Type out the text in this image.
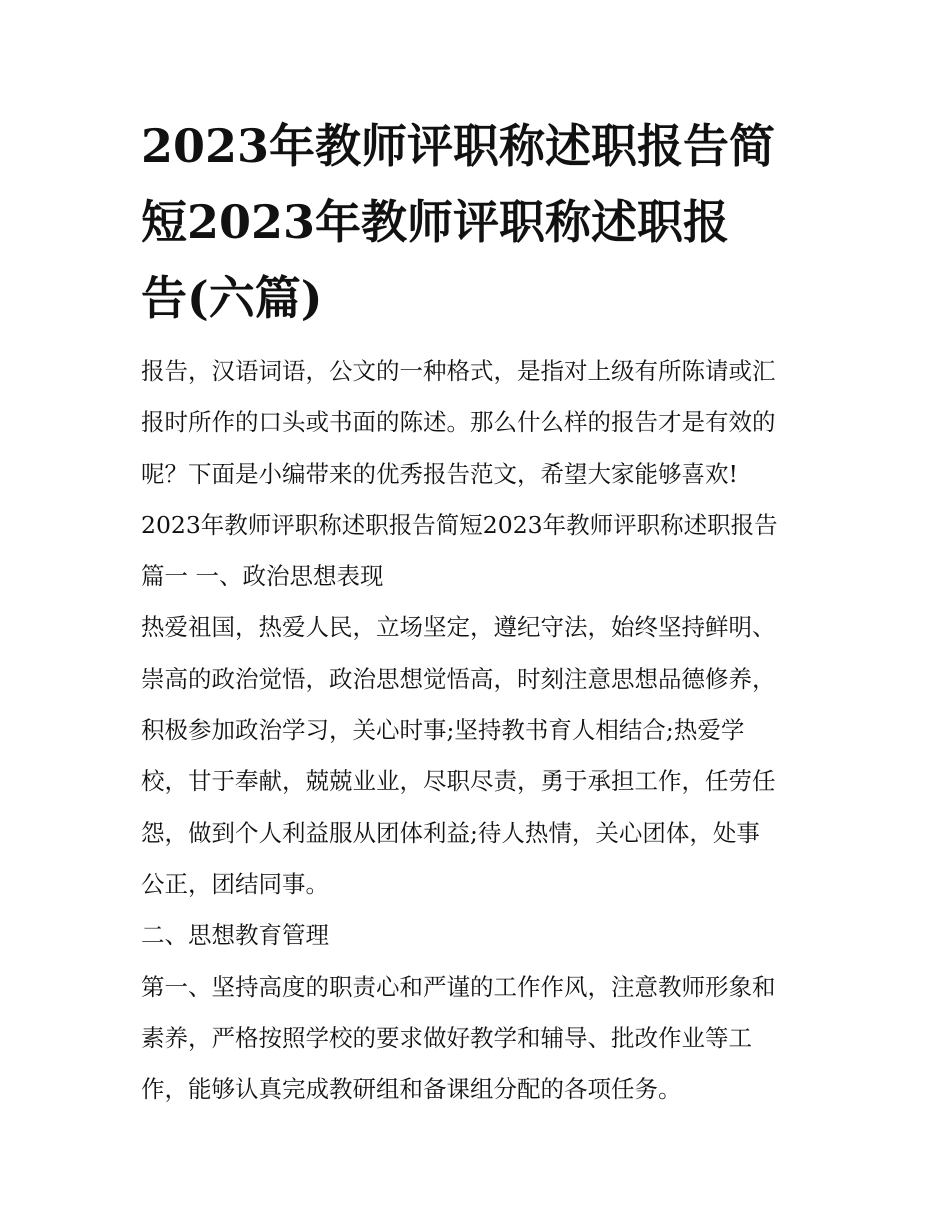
2023年教师评职称述职报告简
短2023年教师评职称述职报
告(六篇)
报告，汉语词语，公文的一种格式，是指对上级有所陈请或汇
报时所作的口头或书面的陈述。那么什么样的报告才是有效的
呢？下面是小编带来的优秀报告范文，希望大家能够喜欢!
2023年教师评职称述职报告简短2023年教师评职称述职报告
篇一 一、政治思想表现
热爱祖国，热爱人民，立场坚定，遵纪守法，始终坚持鲜明、
崇高的政治觉悟，政治思想觉悟高，时刻注意思想品德修养，
积极参加政治学习，关心时事;坚持教书育人相结合;热爱学
校，甘于奉献，兢兢业业，尽职尽责，勇于承担工作，任劳任
怨，做到个人利益服从团体利益;待人热情，关心团体，处事
公正，团结同事。
二、思想教育管理
第一、坚持高度的职责心和严谨的工作作风，注意教师形象和
素养，严格按照学校的要求做好教学和辅导、批改作业等工
作，能够认真完成教研组和备课组分配的各项任务。
